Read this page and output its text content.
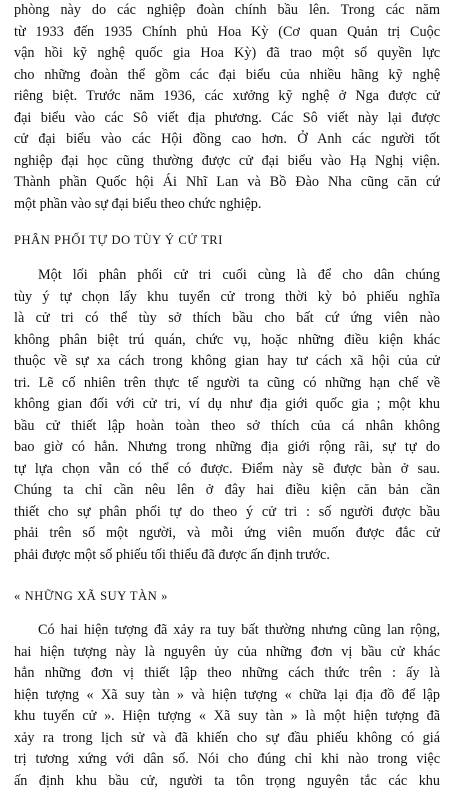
phòng này do các nghiệp đoàn chính bầu lên. Trong các năm
từ 1933 đến 1935 Chính phủ Hoa Kỳ (Cơ quan Quản trị Cuộc
vận hồi kỹ nghệ quốc gia Hoa Kỳ) đã trao một số quyền lực
cho những đoàn thể gồm các đại biểu của nhiều hãng kỹ nghệ
riêng biệt. Trước năm 1936, các xưởng kỹ nghệ ở Nga được cử
đại biểu vào các Sô viết địa phương. Các Sô viết này lại được
cử đại biểu vào các Hội đồng cao hơn. Ở Anh các người tốt
nghiệp đại học cũng thường được cử đại biểu vào Hạ Nghị viện.
Thành phần Quốc hội Ái Nhĩ Lan và Bồ Đào Nha cũng căn cứ
một phần vào sự đại biểu theo chức nghiệp.
PHÂN PHỐI TỰ DO TÙY Ý CỬ TRI
Một lối phân phối cử tri cuối cùng là để cho dân chúng
tùy ý tự chọn lấy khu tuyển cử trong thời kỳ bỏ phiếu nghĩa
là cử tri có thể tùy sở thích bầu cho bất cứ ứng viên nào
không phân biệt trú quán, chức vụ, hoặc những điều kiện khác
thuộc về sự xa cách trong không gian hay tư cách xã hội của cử
tri. Lẽ cố nhiên trên thực tế người ta cũng có những hạn chế về
không gian đối với cử tri, ví dụ như địa giới quốc gia ; một khu
bầu cử thiết lập hoàn toàn theo sở thích của cá nhân không
bao giờ có hẳn. Nhưng trong những địa giới rộng rãi, sự tự do
tự lựa chọn vẫn có thể có được. Điểm này sẽ được bàn ở sau.
Chúng ta chỉ cần nêu lên ở đây hai điều kiện căn bản cần
thiết cho sự phân phối tự do theo ý cử tri : số người được bầu
phải trên số một người, và mỗi ứng viên muốn được đắc cử
phải được một số phiếu tối thiểu đã được ấn định trước.
« NHỮNG XÃ SUY TÀN »
Có hai hiện tượng đã xảy ra tuy bất thường nhưng cũng lan rộng,
hai hiện tượng này là nguyên ủy của những đơn vị bầu cử khác
hẳn những đơn vị thiết lập theo những cách thức trên : ấy là
hiện tượng « Xã suy tàn » và hiện tượng « chữa lại địa đồ để lập
khu tuyển cử ». Hiện tượng « Xã suy tàn » là một hiện tượng đã
xảy ra trong lịch sử và đã khiến cho sự đầu phiếu không có giá
trị tương xứng với dân số. Nói cho đúng chỉ khi nào trong việc
ấn định khu bầu cử, người ta tôn trọng nguyên tắc các khu
